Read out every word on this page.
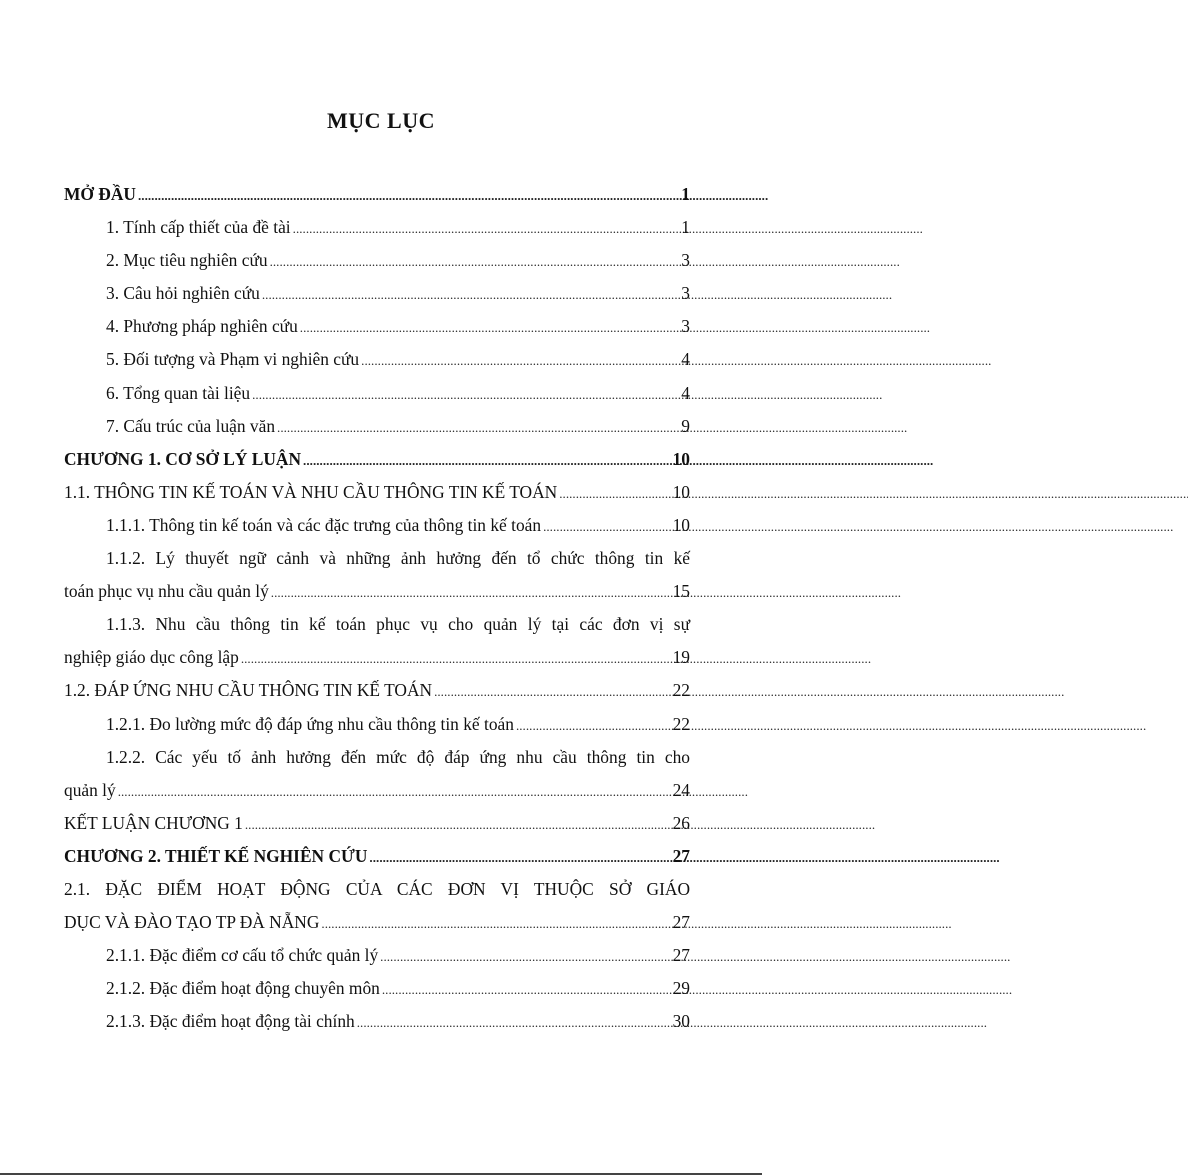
MỤC LỤC
MỞ ĐẦU . . .	1
1. Tính cấp thiết của đề tài . . .	1
2. Mục tiêu nghiên cứu . . .	3
3. Câu hỏi nghiên cứu . . .	3
4. Phương pháp nghiên cứu . . .	3
5. Đối tượng và Phạm vi nghiên cứu . . .	4
6. Tổng quan tài liệu . . .	4
7. Cấu trúc của luận văn . . .	9
CHƯƠNG 1. CƠ SỞ LÝ LUẬN . . .	10
1.1. THÔNG TIN KẾ TOÁN VÀ NHU CẦU THÔNG TIN KẾ TOÁN . . .	10
1.1.1. Thông tin kế toán và các đặc trưng của thông tin kế toán . . .	10
1.1.2. Lý thuyết ngữ cảnh và những ảnh hưởng đến tổ chức thông tin kế
toán phục vụ nhu cầu quản lý . . .	15
1.1.3. Nhu cầu thông tin kế toán phục vụ cho quản lý tại các đơn vị sự
nghiệp giáo dục công lập . . .	19
1.2. ĐÁP ỨNG NHU CẦU THÔNG TIN KẾ TOÁN . . .	22
1.2.1. Đo lường mức độ đáp ứng nhu cầu thông tin kế toán . . .	22
1.2.2. Các yếu tố ảnh hưởng đến mức độ đáp ứng nhu cầu thông tin cho
quản lý . . .	24
KẾT LUẬN CHƯƠNG 1 . . .	26
CHƯƠNG 2. THIẾT KẾ NGHIÊN CỨU . . .	27
2.1. ĐẶC ĐIỂM HOẠT ĐỘNG CỦA CÁC ĐƠN VỊ THUỘC SỞ GIÁO
DỤC VÀ ĐÀO TẠO TP ĐÀ NẴNG . . .	27
2.1.1. Đặc điểm cơ cấu tổ chức quản lý . . .	27
2.1.2. Đặc điểm hoạt động chuyên môn . . .	29
2.1.3. Đặc điểm hoạt động tài chính . . .	30
